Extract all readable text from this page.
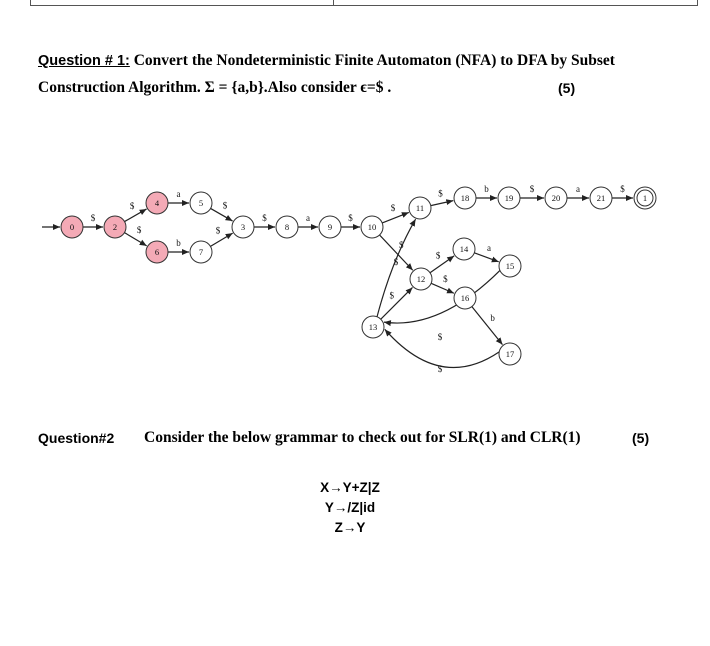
Question # 1: Convert the Nondeterministic Finite Automaton (NFA) to DFA by Subset
Construction Algorithm. Σ = {a,b}.Also consider ϵ=$ .	(5)
$
$
$
a
b
$
$
$	a	$
$
$
$
$
$
$
a
b
$
$
$	b	$	a	$
0	2
4
6
5
7
3	8	9	10
11
12
13
14
15
16
17
18	19	20	21	1
Question#2 Consider the below grammar to check out for SLR(1) and CLR(1)	(5)
X→Y+Z|Z
Y→/Z|id
Z→Y
